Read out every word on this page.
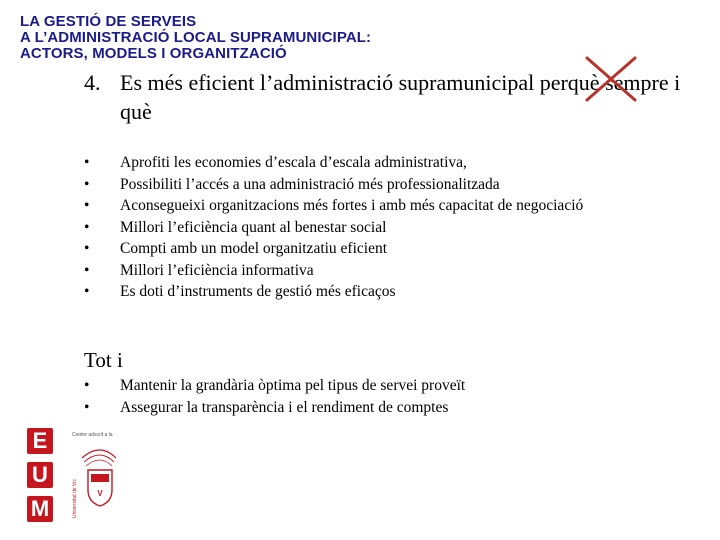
LA GESTIÓ DE SERVEIS
A L’ADMINISTRACIÓ LOCAL SUPRAMUNICIPAL:
ACTORS, MODELS I ORGANITZACIÓ
4. Es més eficient l’administració supramunicipal perquè sempre i què
• Aprofiti les economies d’escala d’escala administrativa,
• Possibiliti l’accés a una administració més professionalitzada
• Aconsegueixi organitzacions més fortes i amb més capacitat de negociació
• Millori l’eficiència quant al benestar social
• Compti amb un model organitzatiu eficient
• Millori l’eficiència informativa
• Es doti d’instruments de gestió més eficaços
Tot i
• Mantenir la grandària òptima pel tipus de servei proveït
• Assegurar la transparència i el rendiment de comptes
E
U
M
Centre adscrit a la
Universitat de Vic V
